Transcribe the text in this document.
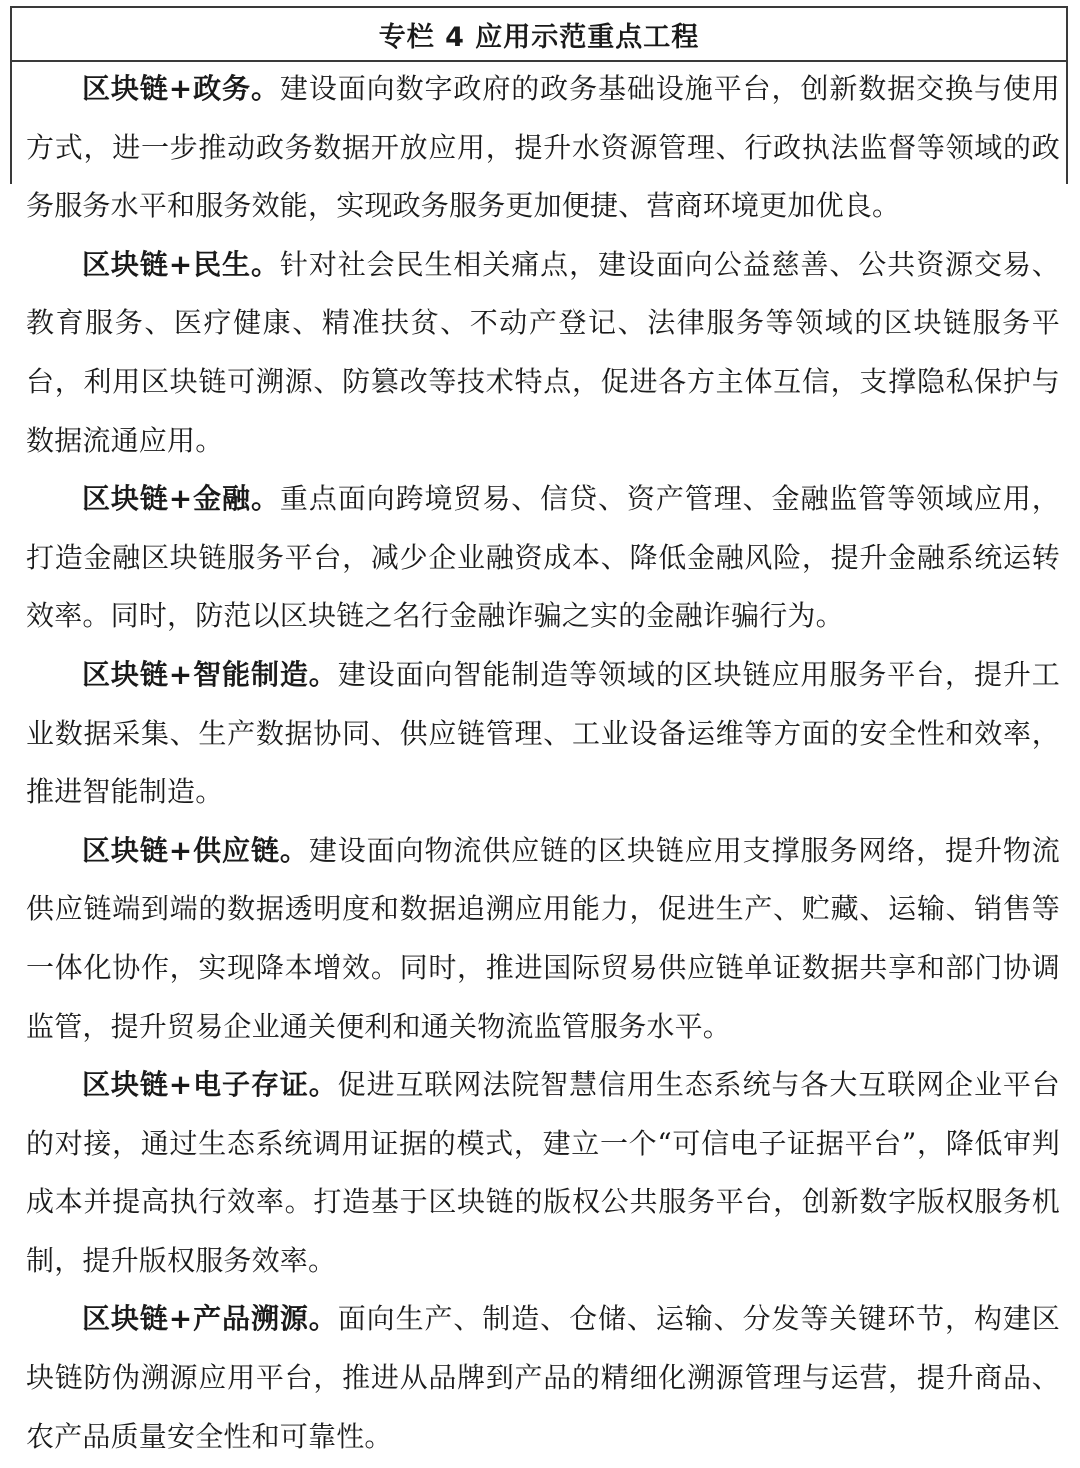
专栏 4 应用示范重点工程

区块链+政务。建设面向数字政府的政务基础设施平台，创新数据交换与使用方式，进一步推动政务数据开放应用，提升水资源管理、行政执法监督等领域的政务服务水平和服务效能，实现政务服务更加便捷、营商环境更加优良。

区块链+民生。针对社会民生相关痛点，建设面向公益慈善、公共资源交易、教育服务、医疗健康、精准扶贫、不动产登记、法律服务等领域的区块链服务平台，利用区块链可溯源、防篡改等技术特点，促进各方主体互信，支撑隐私保护与数据流通应用。

区块链+金融。重点面向跨境贸易、信贷、资产管理、金融监管等领域应用，打造金融区块链服务平台，减少企业融资成本、降低金融风险，提升金融系统运转效率。同时，防范以区块链之名行金融诈骗之实的金融诈骗行为。

区块链+智能制造。建设面向智能制造等领域的区块链应用服务平台，提升工业数据采集、生产数据协同、供应链管理、工业设备运维等方面的安全性和效率，推进智能制造。

区块链+供应链。建设面向物流供应链的区块链应用支撑服务网络，提升物流供应链端到端的数据透明度和数据追溯应用能力，促进生产、贮藏、运输、销售等一体化协作，实现降本增效。同时，推进国际贸易供应链单证数据共享和部门协调监管，提升贸易企业通关便利和通关物流监管服务水平。

区块链+电子存证。促进互联网法院智慧信用生态系统与各大互联网企业平台的对接，通过生态系统调用证据的模式，建立一个“可信电子证据平台”，降低审判成本并提高执行效率。打造基于区块链的版权公共服务平台，创新数字版权服务机制，提升版权服务效率。

区块链+产品溯源。面向生产、制造、仓储、运输、分发等关键环节，构建区块链防伪溯源应用平台，推进从品牌到产品的精细化溯源管理与运营，提升商品、农产品质量安全性和可靠性。
